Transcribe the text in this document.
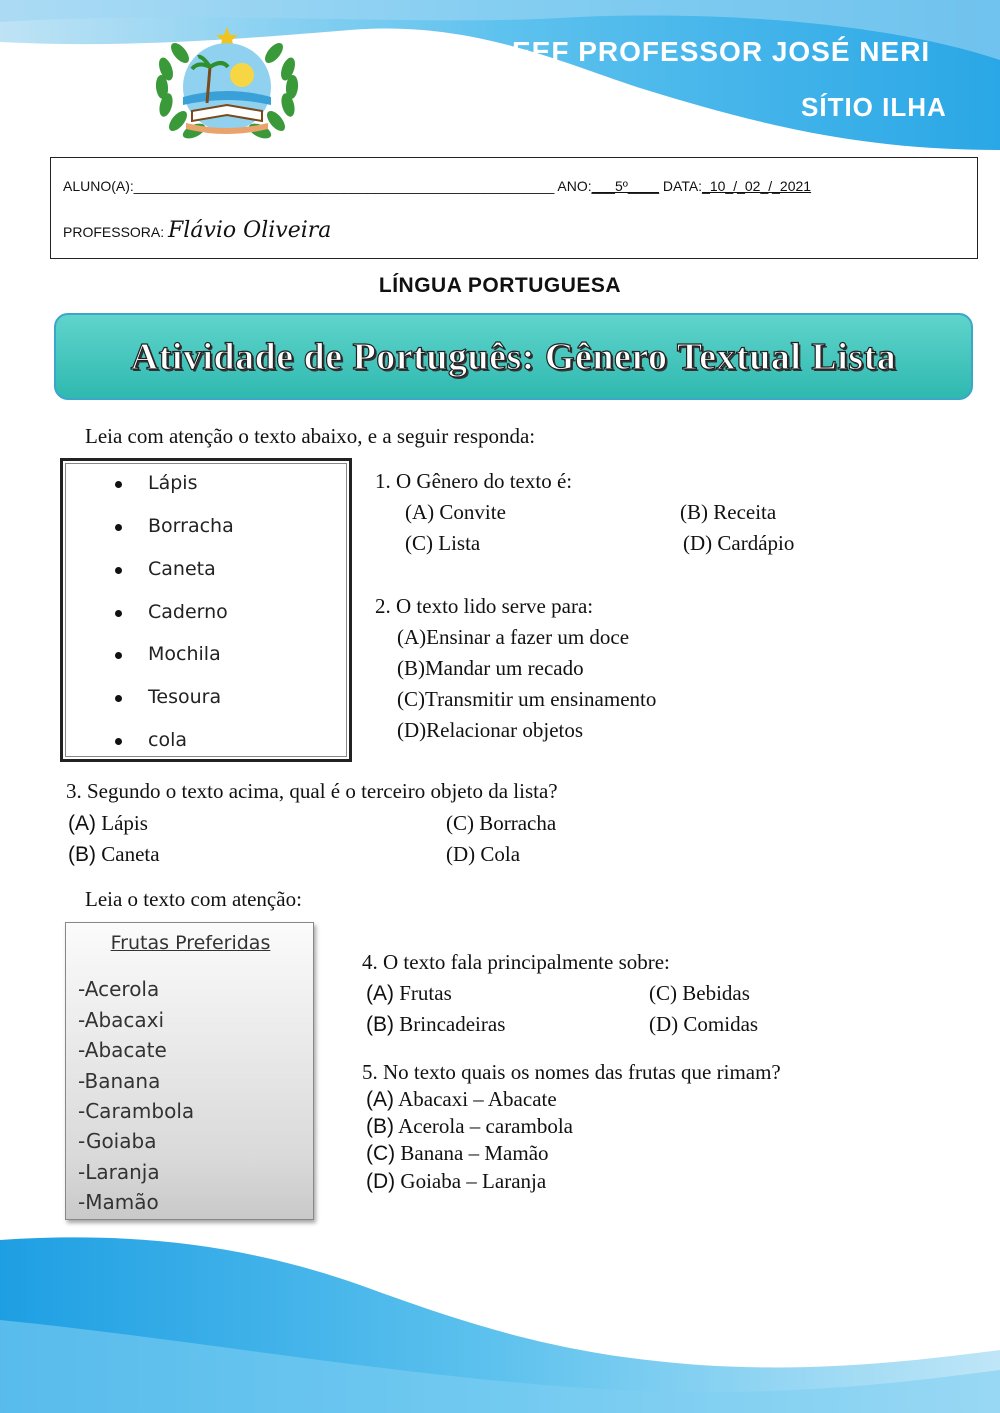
EEF PROFESSOR JOSÉ NERI
SÍTIO ILHA
ALUNO(A):______________________________________________________ ANO:___5º____ DATA:_10_/_02_/_2021
PROFESSORA: Flávio Oliveira
LÍNGUA PORTUGUESA
Atividade de Português: Gênero Textual Lista
Leia com atenção o texto abaixo, e a seguir responda:
Lápis
Borracha
Caneta
Caderno
Mochila
Tesoura
cola
1. O Gênero do texto é:
(A) Convite	(B) Receita
(C) Lista	(D) Cardápio
2. O texto lido serve para:
(A)Ensinar a fazer um doce
(B)Mandar um recado
(C)Transmitir um ensinamento
(D)Relacionar objetos
3. Segundo o texto acima, qual é o terceiro objeto da lista?
(A) Lápis
(B) Caneta
(C) Borracha
(D) Cola
Leia o texto com atenção:
Frutas Preferidas
-Acerola
-Abacaxi
-Abacate
-Banana
-Carambola
-Goiaba
-Laranja
-Mamão
4. O texto fala principalmente sobre:
(A) Frutas
(B) Brincadeiras
(C) Bebidas
(D) Comidas
5. No texto quais os nomes das frutas que rimam?
(A) Abacaxi – Abacate
(B) Acerola – carambola
(C) Banana – Mamão
(D) Goiaba – Laranja
